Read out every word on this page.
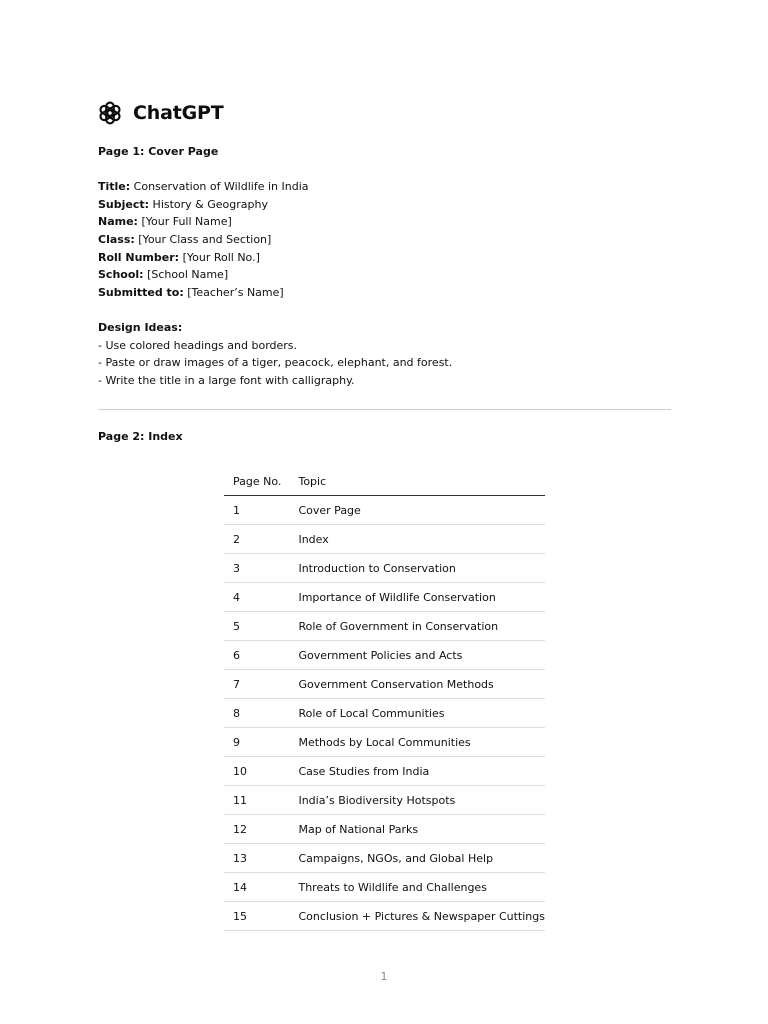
ChatGPT

Page 1: Cover Page

Title: Conservation of Wildlife in India

Subject: History & Geography

Name: [Your Full Name]

Class: [Your Class and Section]

Roll Number: [Your Roll No.]

School: [School Name]

Submitted to: [Teacher’s Name]

Design Ideas:

- Use colored headings and borders.

- Paste or draw images of a tiger, peacock, elephant, and forest.

- Write the title in a large font with calligraphy.

Page 2: Index
Page No.	Topic
1	Cover Page
2	Index
3	Introduction to Conservation
4	Importance of Wildlife Conservation
5	Role of Government in Conservation
6	Government Policies and Acts
7	Government Conservation Methods
8	Role of Local Communities
9	Methods by Local Communities
10	Case Studies from India
11	India’s Biodiversity Hotspots
12	Map of National Parks
13	Campaigns, NGOs, and Global Help
14	Threats to Wildlife and Challenges
15	Conclusion + Pictures & Newspaper Cuttings
1
